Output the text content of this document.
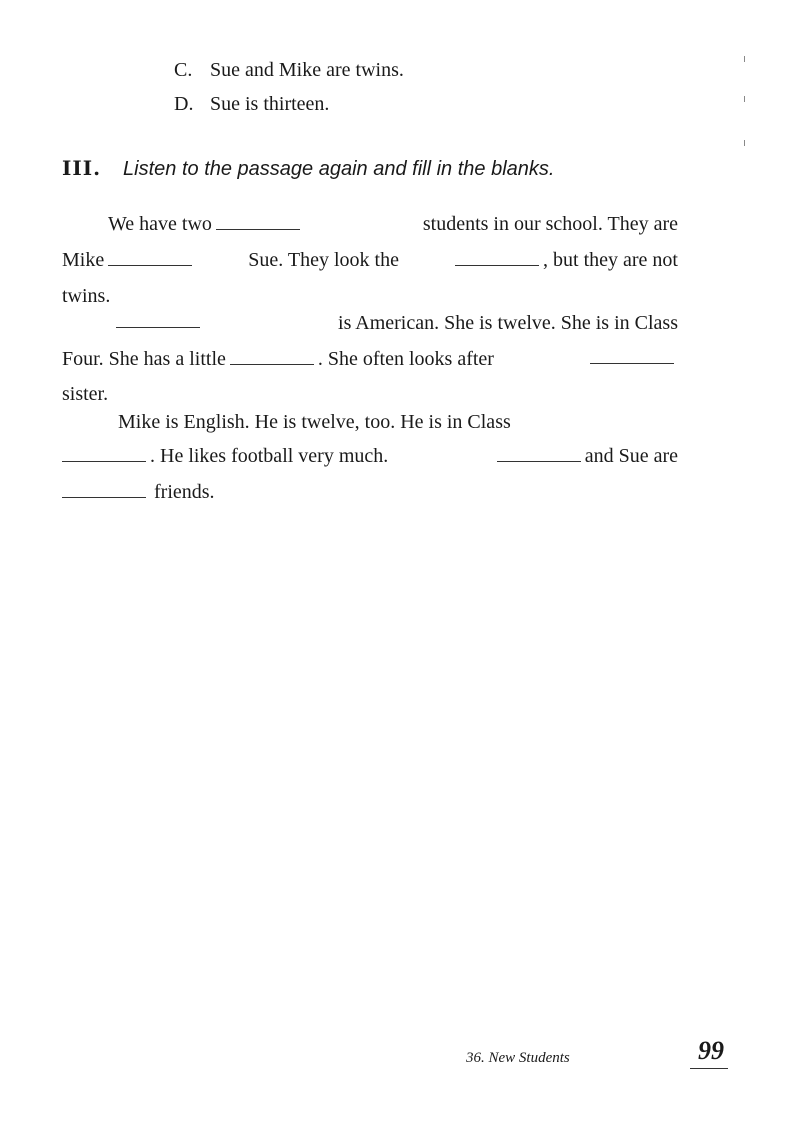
C. Sue and Mike are twins.
D. Sue is thirteen.
III. Listen to the passage again and fill in the blanks.
We have two	students in our school. They are
Mike	Sue. They look the	, but they are not
twins.
is American. She is twelve. She is in Class
Four. She has a little	. She often looks after
sister.
Mike is English. He is twelve, too. He is in Class
. He likes football very much.	and Sue are
friends.
36. New Students	99
